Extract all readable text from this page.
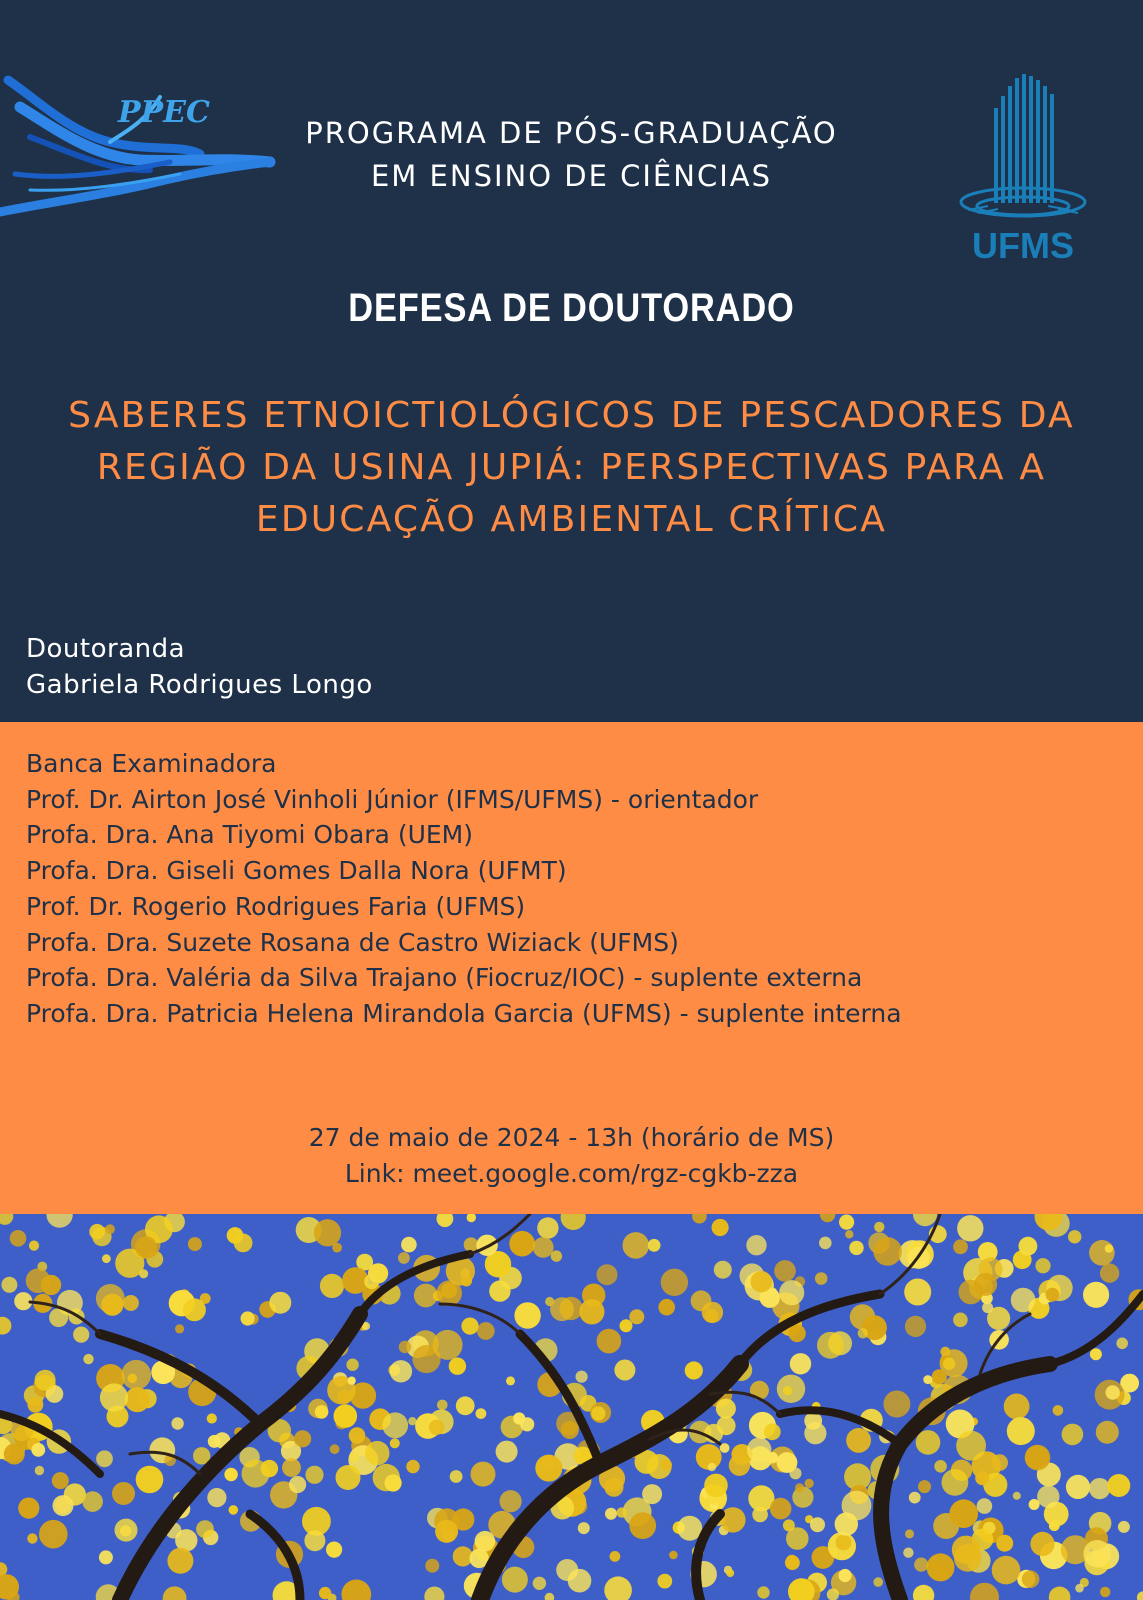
PPEC
PROGRAMA DE PÓS-GRADUAÇÃO
EM ENSINO DE CIÊNCIAS
UFMS
DEFESA DE DOUTORADO
SABERES ETNOICTIOLÓGICOS DE PESCADORES DA
REGIÃO DA USINA JUPIÁ: PERSPECTIVAS PARA A
EDUCAÇÃO AMBIENTAL CRÍTICA
Doutoranda
Gabriela Rodrigues Longo
Banca Examinadora
Prof. Dr. Airton José Vinholi Júnior (IFMS/UFMS) - orientador
Profa. Dra. Ana Tiyomi Obara (UEM)
Profa. Dra. Giseli Gomes Dalla Nora (UFMT)
Prof. Dr. Rogerio Rodrigues Faria (UFMS)
Profa. Dra. Suzete Rosana de Castro Wiziack (UFMS)
Profa. Dra. Valéria da Silva Trajano (Fiocruz/IOC) - suplente externa
Profa. Dra. Patricia Helena Mirandola Garcia (UFMS) - suplente interna
27 de maio de 2024 - 13h (horário de MS)
Link: meet.google.com/rgz-cgkb-zza
